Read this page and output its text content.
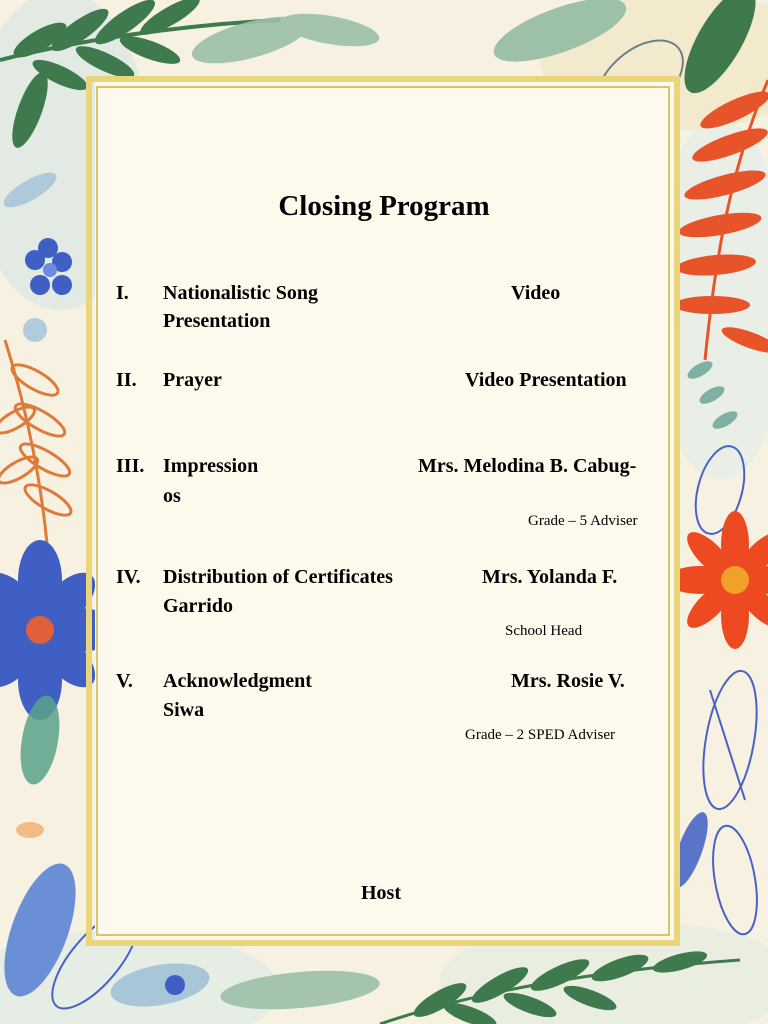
Closing Program
I. Nationalistic Song	Video
Presentation
II. Prayer	Video Presentation
III. Impression	Mrs. Melodina B. Cabug-
os
Grade – 5 Adviser
IV. Distribution of Certificates	Mrs. Yolanda F.
Garrido
School Head
V. Acknowledgment	Mrs. Rosie V.
Siwa
Grade – 2 SPED Adviser
Host
